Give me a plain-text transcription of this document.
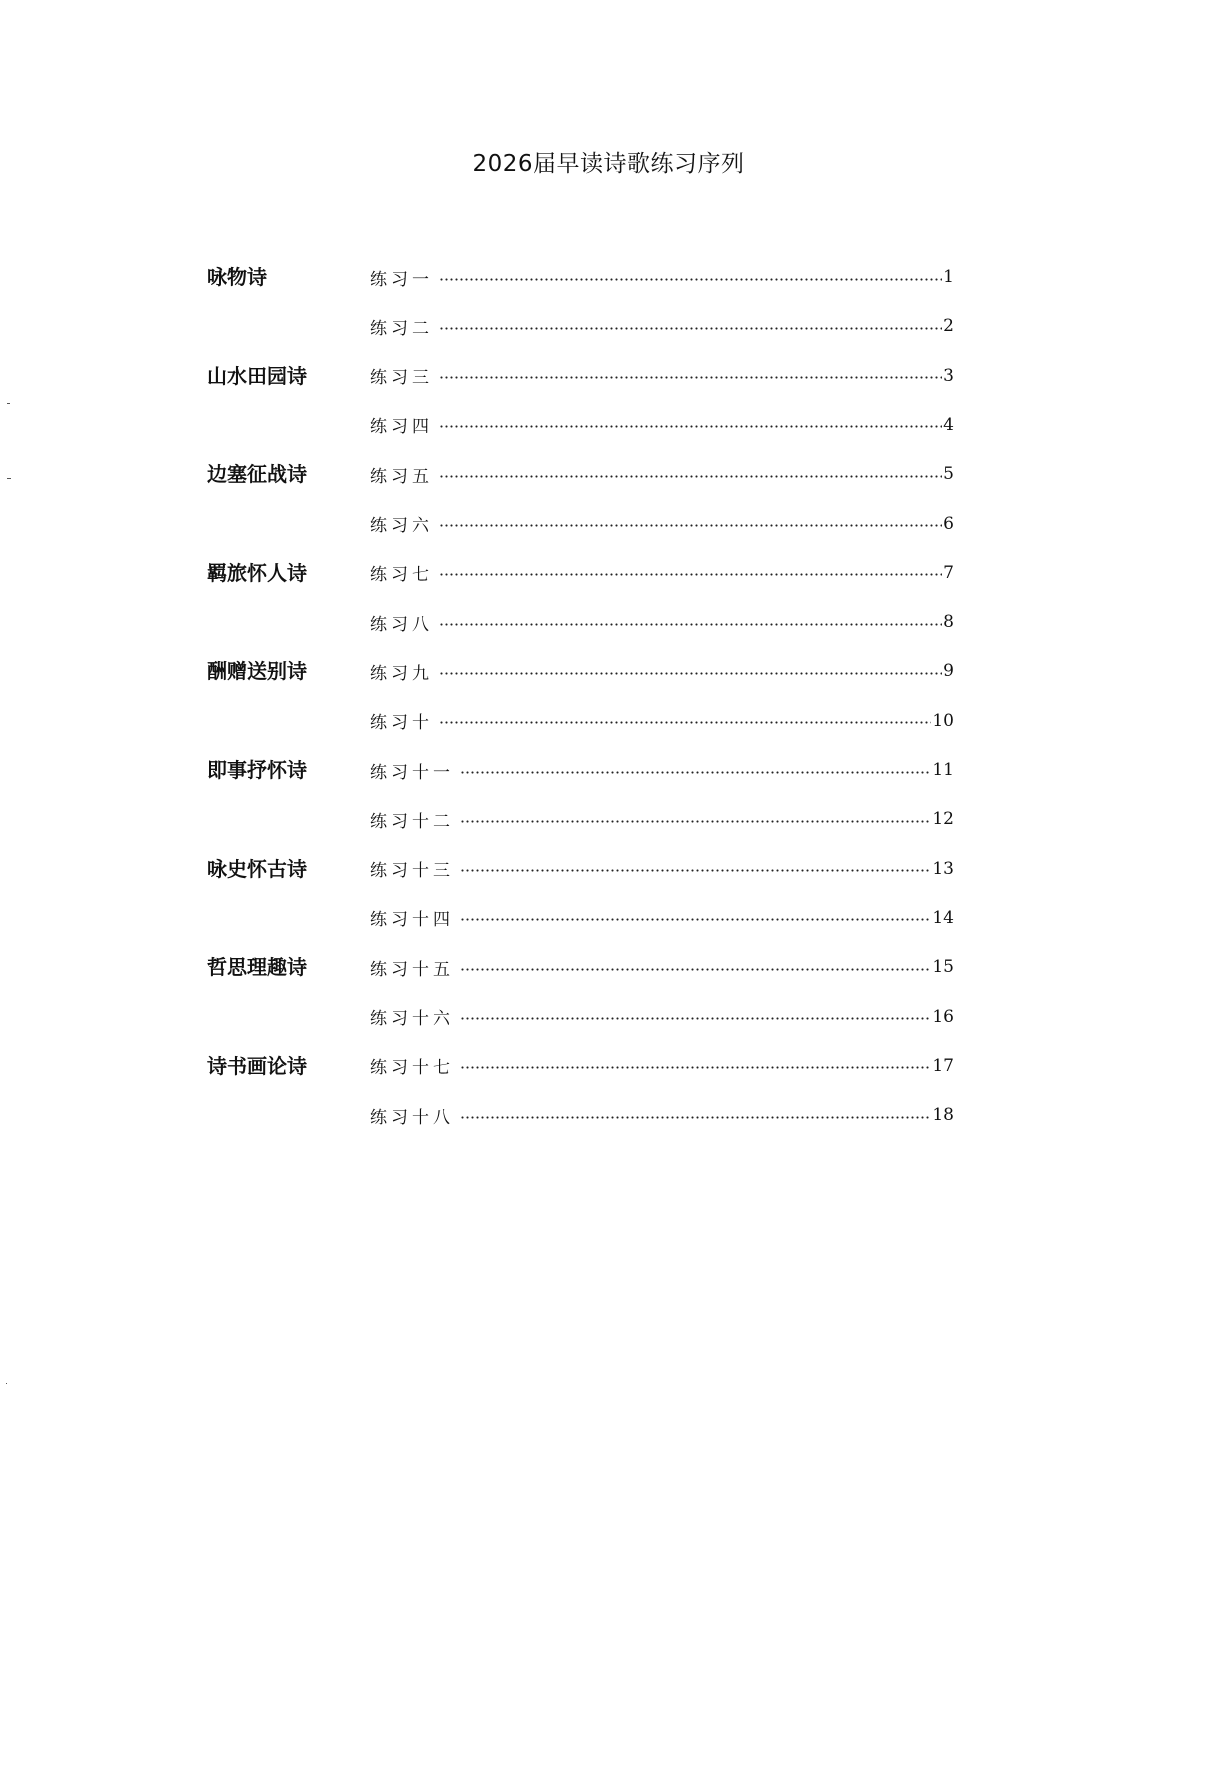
2026届早读诗歌练习序列
咏物诗	练习一	1
练习二	2
山水田园诗	练习三	3
练习四	4
边塞征战诗	练习五	5
练习六	6
羁旅怀人诗	练习七	7
练习八	8
酬赠送别诗	练习九	9
练习十	10
即事抒怀诗	练习十一	11
练习十二	12
咏史怀古诗	练习十三	13
练习十四	14
哲思理趣诗	练习十五	15
练习十六	16
诗书画论诗	练习十七	17
练习十八	18
